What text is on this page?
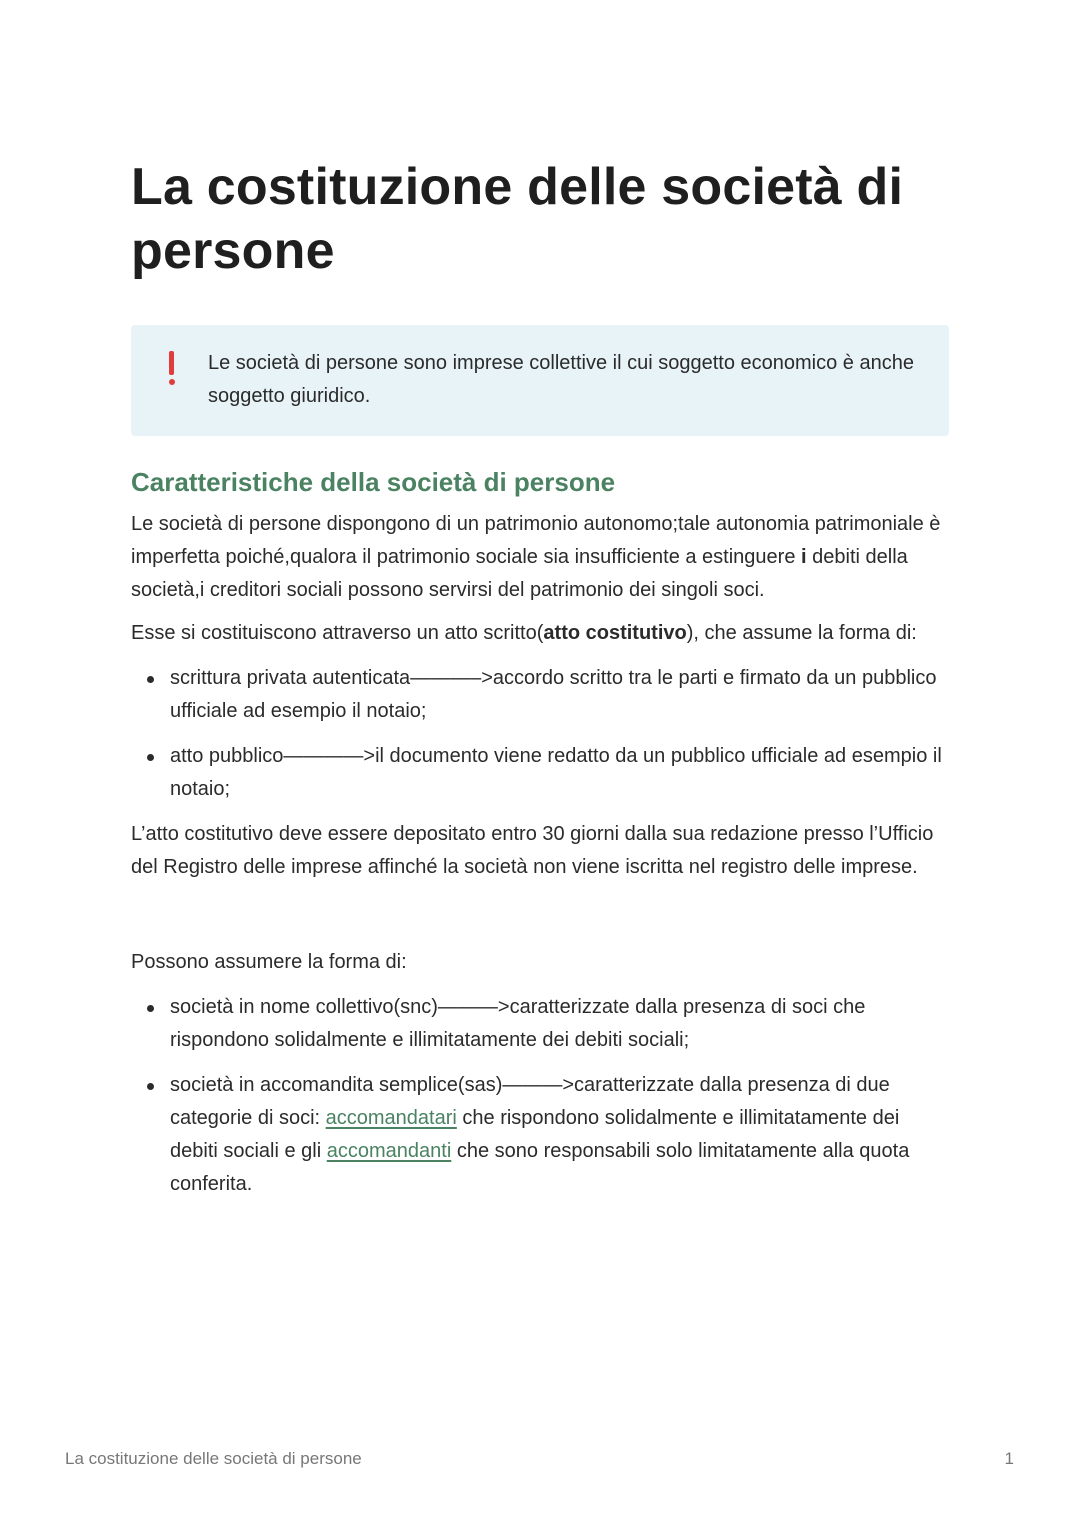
La costituzione delle società di persone
Le società di persone sono imprese collettive il cui soggetto economico è anche soggetto giuridico.
Caratteristiche della società di persone

Le società di persone dispongono di un patrimonio autonomo;tale autonomia patrimoniale è imperfetta poiché,qualora il patrimonio sociale sia insufficiente a estinguere i debiti della società,i creditori sociali possono servirsi del patrimonio dei singoli soci.

Esse si costituiscono attraverso un atto scritto(atto costitutivo), che assume la forma di:

scrittura privata autenticata———–>accordo scritto tra le parti e firmato da un pubblico ufficiale ad esempio il notaio;
atto pubblico————>il documento viene redatto da un pubblico ufficiale ad esempio il notaio;

L’atto costitutivo deve essere depositato entro 30 giorni dalla sua redazione presso l’Ufficio del Registro delle imprese affinché la società non viene iscritta nel registro delle imprese.

Possono assumere la forma di:

società in nome collettivo(snc)———>caratterizzate dalla presenza di soci che rispondono solidalmente e illimitatamente dei debiti sociali;
società in accomandita semplice(sas)———>caratterizzate dalla presenza di due categorie di soci: accomandatari che rispondono solidalmente e illimitatamente dei debiti sociali e gli accomandanti che sono responsabili solo limitatamente alla quota conferita.
La costituzione delle società di persone	1
